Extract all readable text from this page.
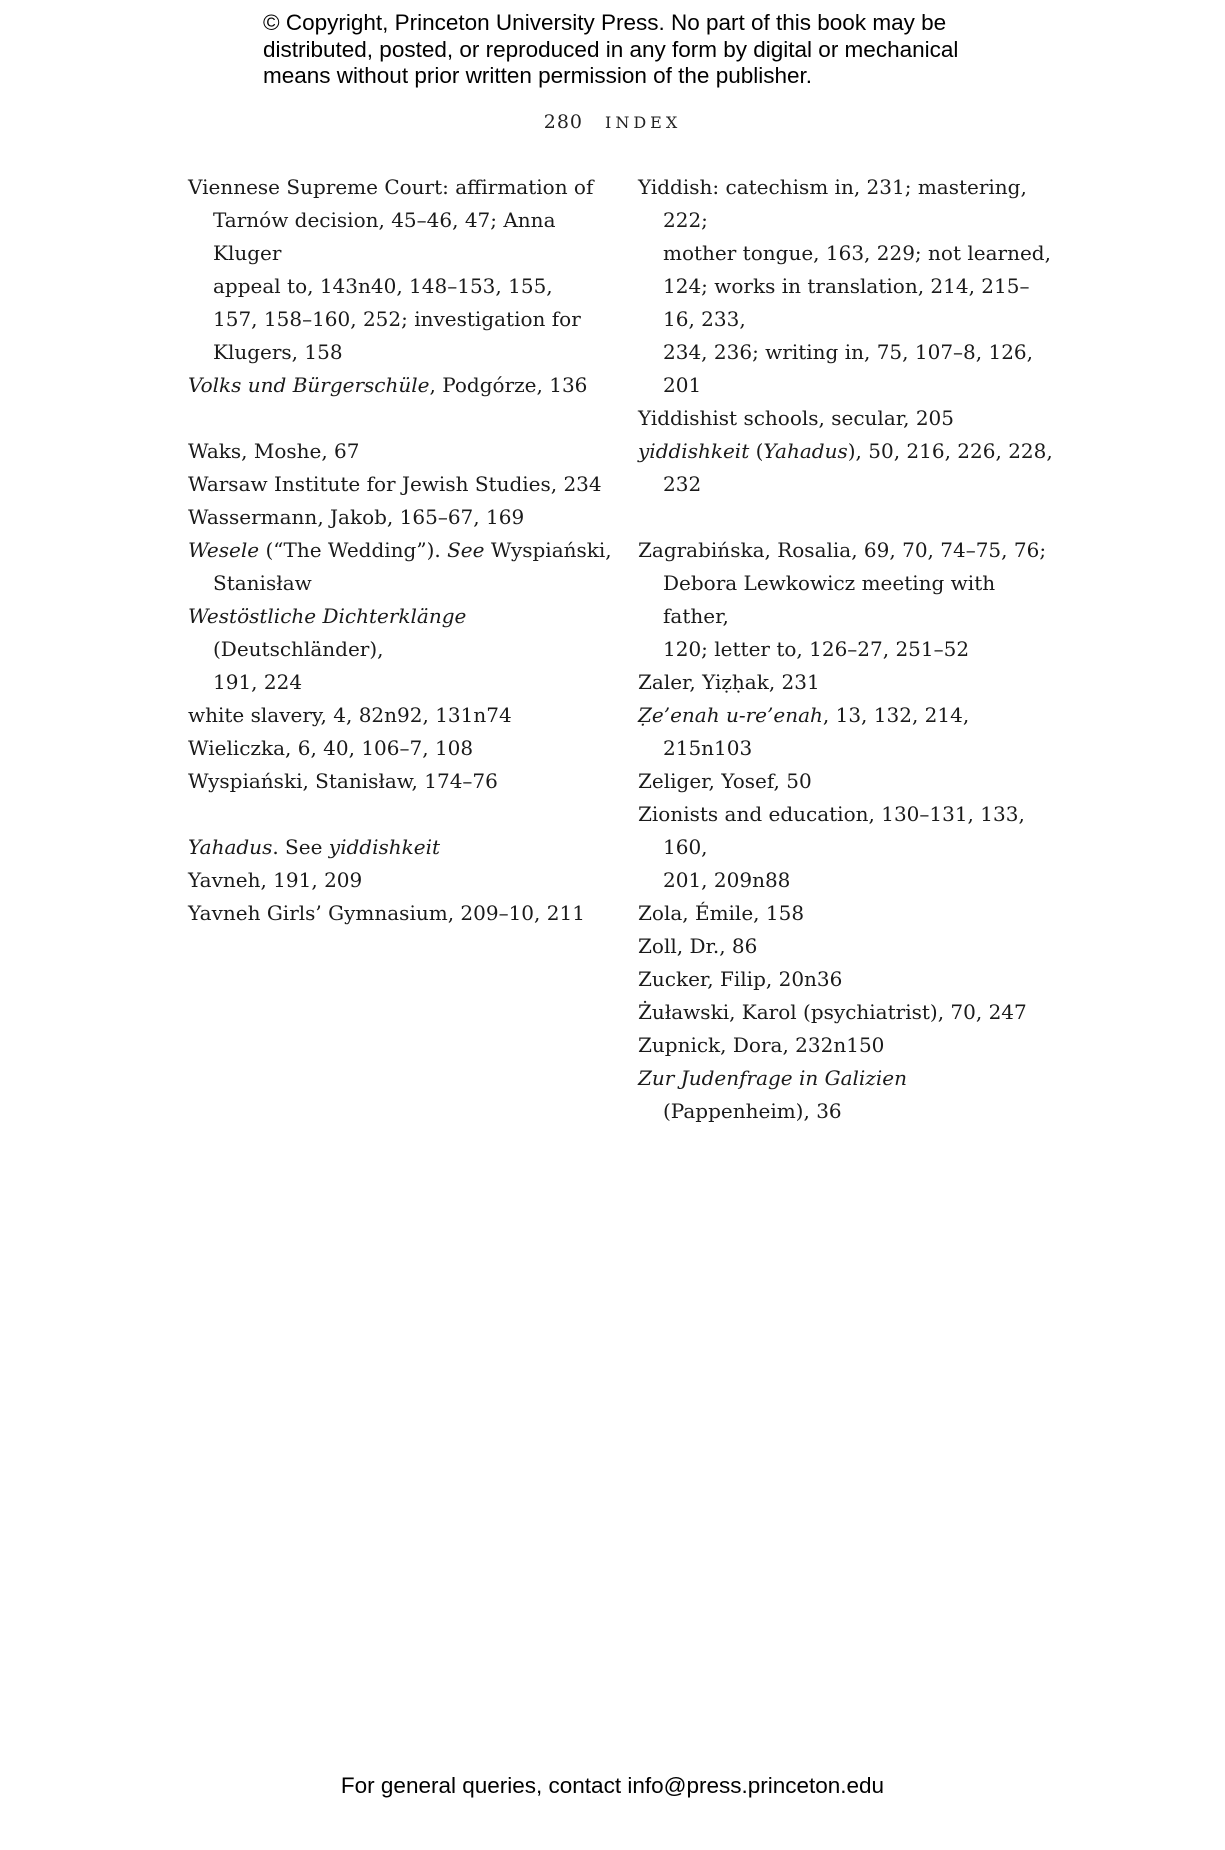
© Copyright, Princeton University Press. No part of this book may be
distributed, posted, or reproduced in any form by digital or mechanical
means without prior written permission of the publisher.
280 INDEX

Viennese Supreme Court: affirmation of
Tarnów decision, 45–46, 47; Anna Kluger
appeal to, 143n40, 148–153, 155,
157, 158–160, 252; investigation for
Klugers, 158

Volks und Bürgerschüle, Podgórze, 136

Waks, Moshe, 67

Warsaw Institute for Jewish Studies, 234

Wassermann, Jakob, 165–67, 169

Wesele (“The Wedding”). See Wyspiański,
Stanisław

Westöstliche Dichterklänge (Deutschländer),
191, 224

white slavery, 4, 82n92, 131n74

Wieliczka, 6, 40, 106–7, 108

Wyspiański, Stanisław, 174–76

Yahadus. See yiddishkeit

Yavneh, 191, 209

Yavneh Girls’ Gymnasium, 209–10, 211

Yiddish: catechism in, 231; mastering, 222;
mother tongue, 163, 229; not learned,
124; works in translation, 214, 215–16, 233,
234, 236; writing in, 75, 107–8, 126, 201

Yiddishist schools, secular, 205

yiddishkeit (Yahadus), 50, 216, 226, 228, 232

Zagrabińska, Rosalia, 69, 70, 74–75, 76;
Debora Lewkowicz meeting with father,
120; letter to, 126–27, 251–52

Zaler, Yiẓḥak, 231

Ẓe’enah u-re’enah, 13, 132, 214, 215n103

Zeliger, Yosef, 50

Zionists and education, 130–131, 133, 160,
201, 209n88

Zola, Émile, 158

Zoll, Dr., 86

Zucker, Filip, 20n36

Żuławski, Karol (psychiatrist), 70, 247

Zupnick, Dora, 232n150

Zur Judenfrage in Galizien (Pappenheim), 36

For general queries, contact info@press.princeton.edu
